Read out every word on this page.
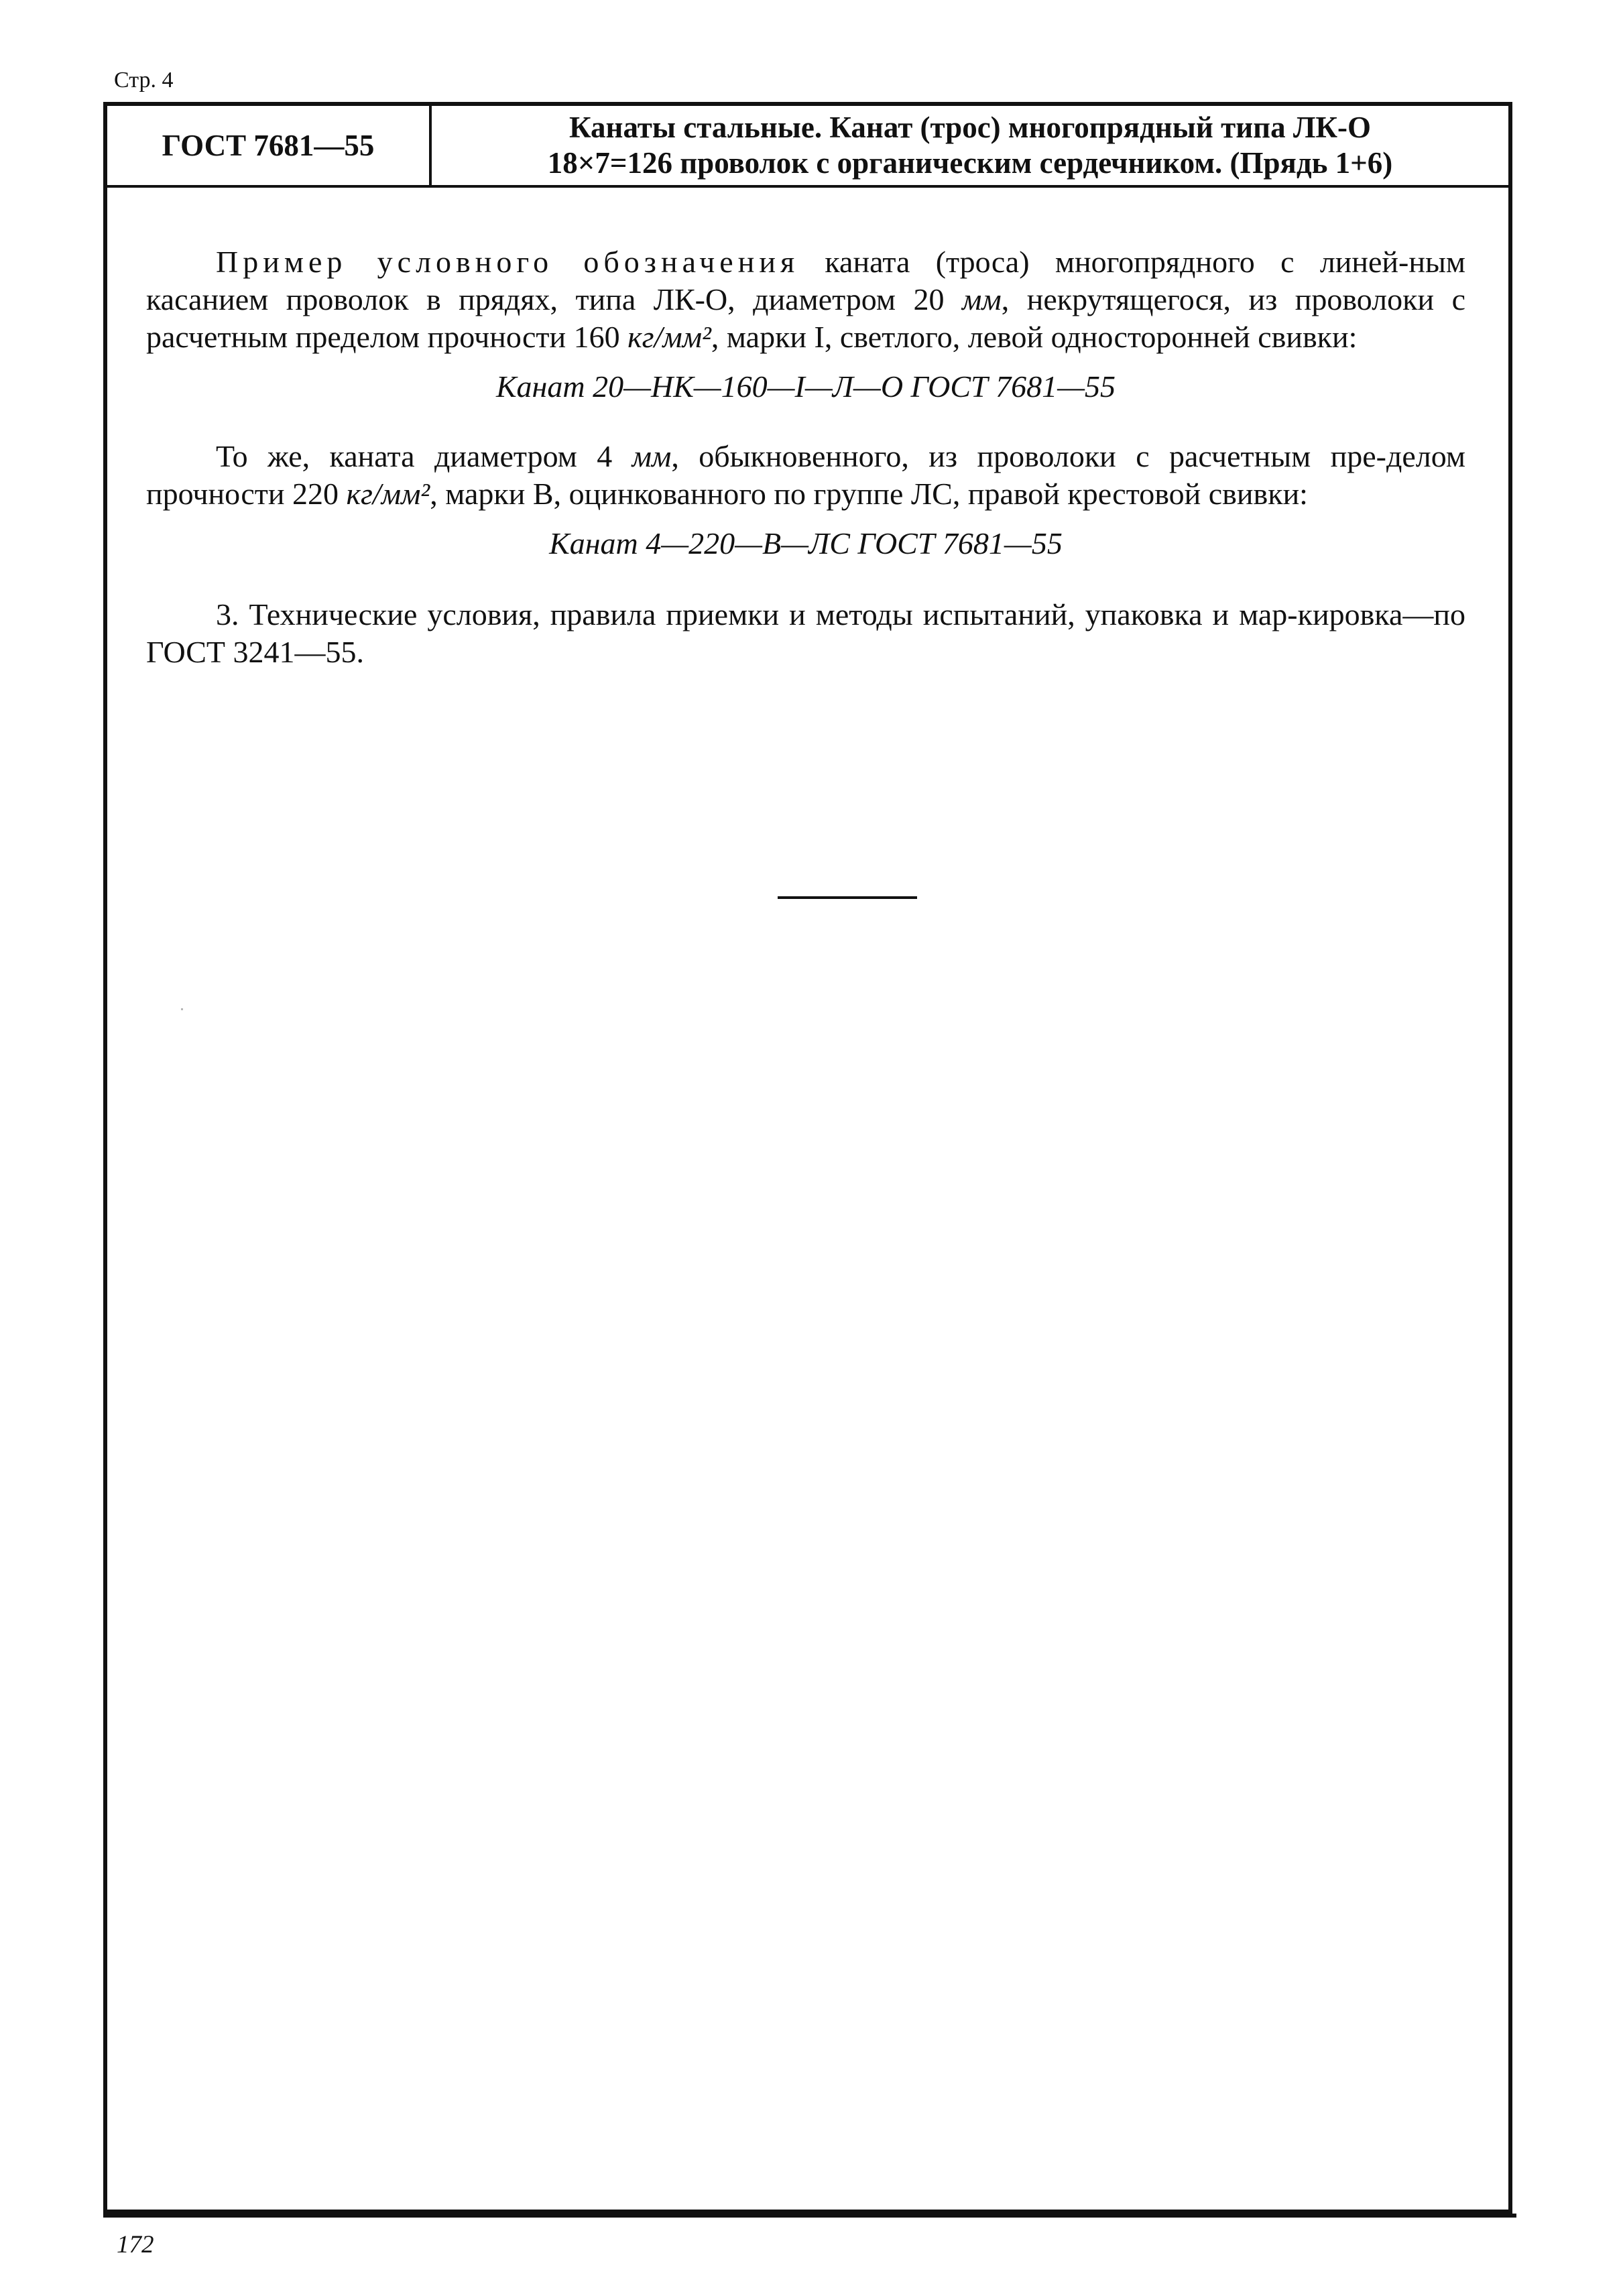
Стр. 4
ГОСТ 7681—55
Канаты стальные. Канат (трос) многопрядный типа ЛК-О
18×7=126 проволок с органическим сердечником. (Прядь 1+6)

Пример условного обозначения каната (троса) многопрядного с линей-ным касанием проволок в прядях, типа ЛК-О, диаметром 20 мм, некрутящегося, из проволоки с расчетным пределом прочности 160 кг/мм², марки I, светлого, левой односторонней свивки:

Канат 20—НК—160—I—Л—О ГОСТ 7681—55

То же, каната диаметром 4 мм, обыкновенного, из проволоки с расчетным пре-делом прочности 220 кг/мм², марки В, оцинкованного по группе ЛС, правой крестовой свивки:

Канат 4—220—В—ЛС ГОСТ 7681—55

3. Технические условия, правила приемки и методы испытаний, упаковка и мар-кировка—по ГОСТ 3241—55.

172
